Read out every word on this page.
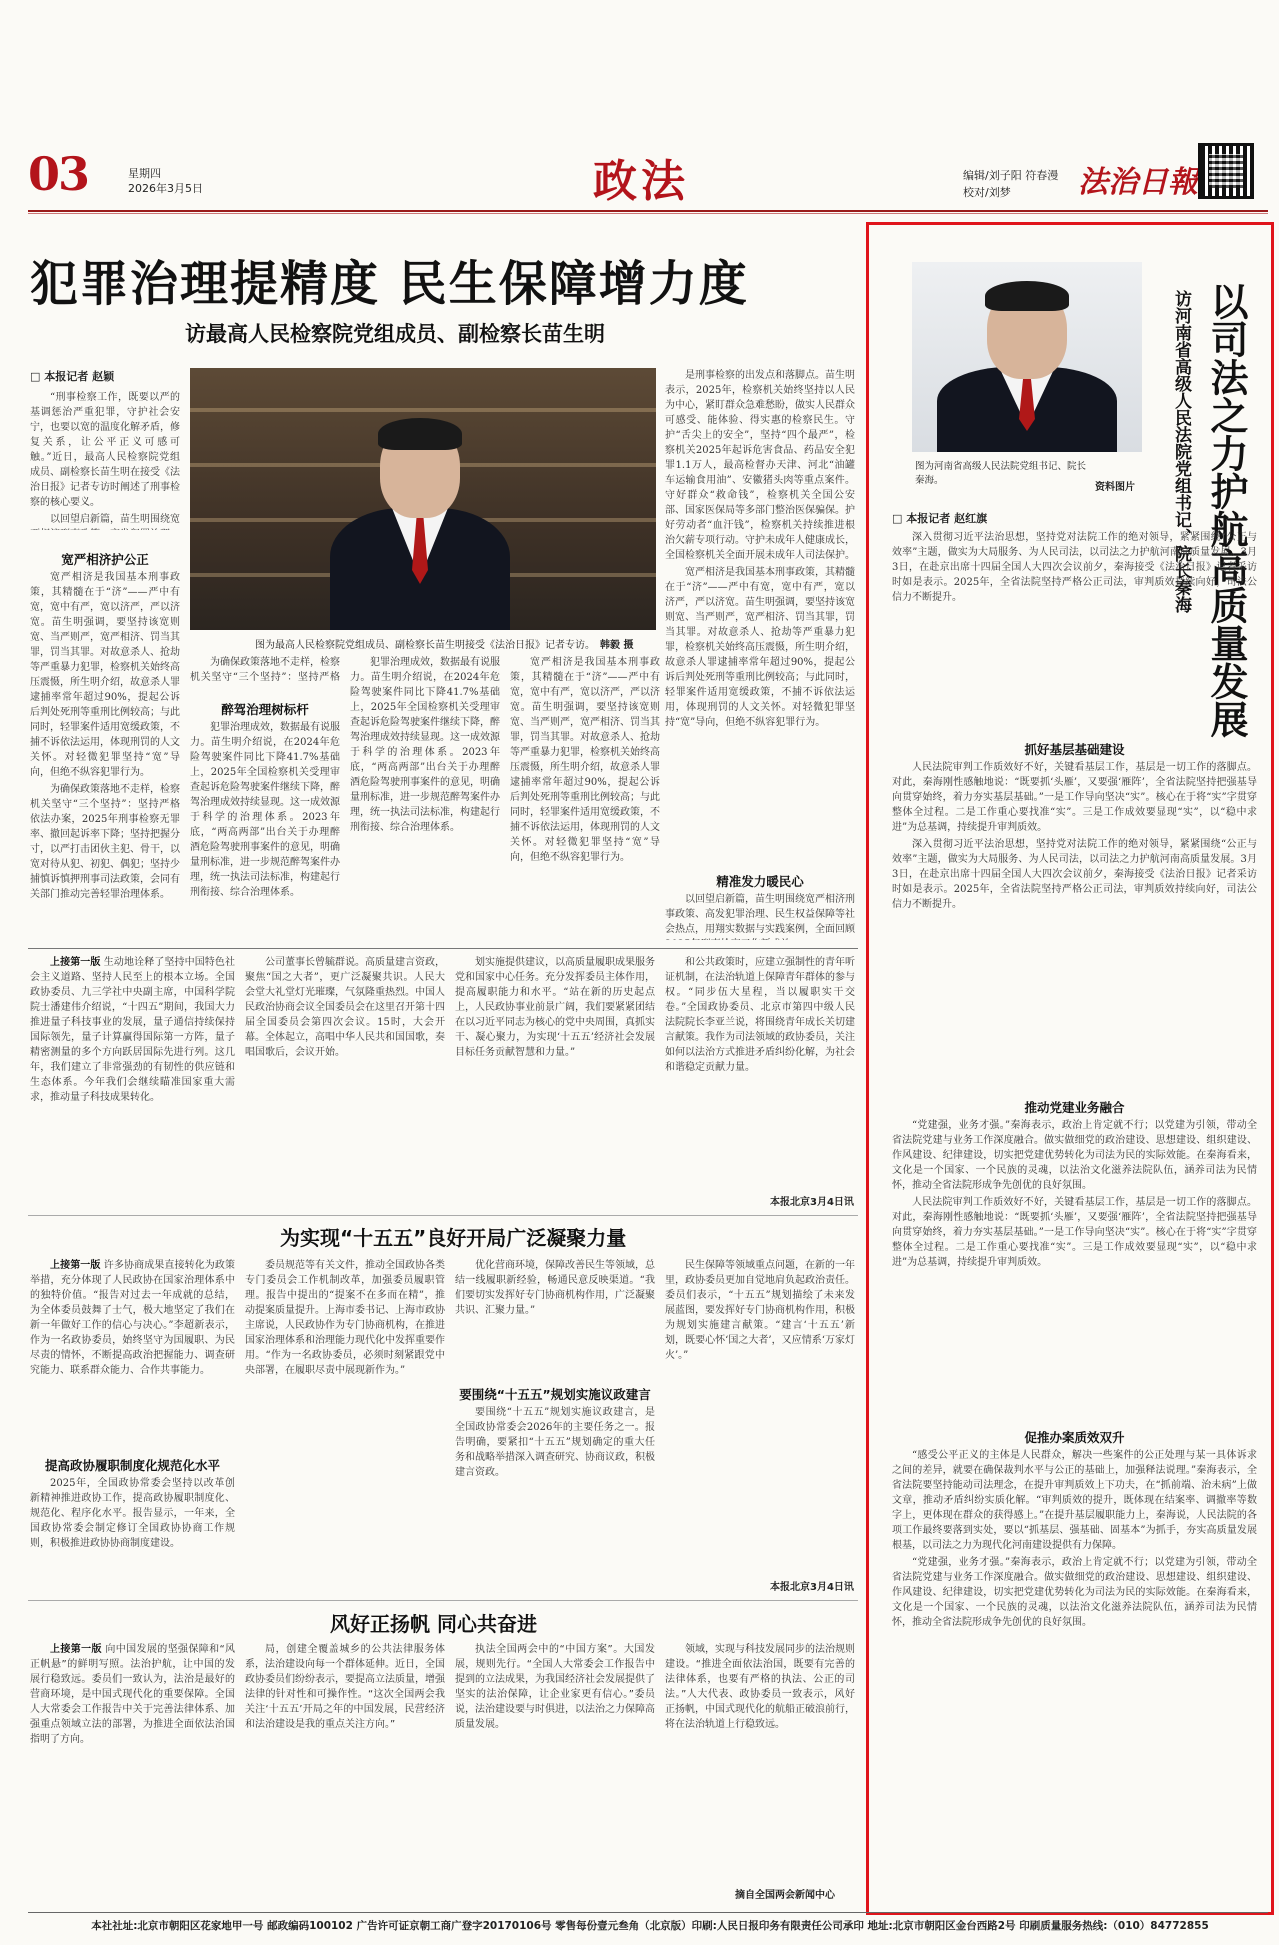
03	星期四
2026年3月5日	政法	编辑/刘子阳 符春漫
校对/刘梦	法治日報
犯罪治理提精度 民生保障增力度
访最高人民检察院党组成员、副检察长苗生明
□ 本报记者 赵颖

“刑事检察工作，既要以严的基调惩治严重犯罪，守护社会安宁，也要以宽的温度化解矛盾，修复关系，让公平正义可感可触。”近日，最高人民检察院党组成员、副检察长苗生明在接受《法治日报》记者专访时阐述了刑事检察的核心要义。

以回望启新篇，苗生明围绕宽

宽严相济护公正

宽严相济是我国基本刑事政策，其精髓在于“济”——严中有宽，宽中有严，宽以济严，严以济宽。苗生明强调，要坚持该宽则宽、当严则严，宽严相济、罚当其罪，罚当其罪。对故意杀人、抢劫等严重暴力犯罪，检察机关始终高压震慑，所生明介绍，故意杀人罪逮捕率常年超过90%，提起公诉后判处死刑等重刑比例较高；与此同时，轻罪案件适用宽缓政策，不捕不诉依法运用，体现刑罚的人文关怀。对轻微犯罪坚持“宽”导向，但绝不纵容犯罪行为。

为确保政策落地不走样，检察机关坚守“三个坚持”：坚持严格依法办案，2025年刑事检察无罪率、撤回起诉率下降；坚持把握分寸，以严打击团伙主犯、骨干，以宽对待从犯、初犯、偶犯；坚持少捕慎诉慎押刑事司法政策，会同有关部门推动完善轻罪治理体系。

图为最高人民检察院党组成员、副检察长苗生明接受《法治日报》记者专访。 韩毅 摄

为确保政策落地不走样，检察机关坚守“三个坚持”：坚持严格

醉驾治理树标杆

犯罪治理成效，数据最有说服力。苗生明介绍说，在2024年危险驾驶案件同比下降41.7%基础上，2025年全国检察机关受理审查起诉危险驾驶案件继续下降，醉驾治理成效持续显现。这一成效源于科学的治理体系。2023年底，“两高两部”出台关于办理醉酒危险驾驶刑事案件的意见，明确量刑标准，进一步规范醉驾案件办理，统一执法司法标准，构建起行刑衔接、综合治理体系。

犯罪治理成效，数据最有说服力。苗生明介绍说，在2024年危险驾驶案件同比下降41.7%基础上，2025年全国检察机关受理审查起诉危险驾驶案件继续下降，醉驾治理成效持续显现。这一成效源于科学的治理体系。2023年底，“两高两部”出台关于办理醉酒危险驾驶刑事案件的意见，明确量刑标准，进一步规范醉驾案件办理，统一执法司法标准，构建起行刑衔接、综合治理体系。

宽严相济是我国基本刑事政策，其精髓在于“济”——严中有宽，宽中有严，宽以济严，严以济宽。苗生明强调，要坚持该宽则宽、当严则严，宽严相济、罚当其罪，罚当其罪。对故意杀人、抢劫等严重暴力犯罪，检察机关始终高压震慑，所生明介绍，故意杀人罪逮捕率常年超过90%，提起公诉后判处死刑等重刑比例较高；与此同时，轻罪案件适用宽缓政策，不捕不诉依法运用，体现刑罚的人文关怀。对轻微犯罪坚持“宽”导向，但绝不纵容犯罪行为。

是刑事检察的出发点和落脚点。苗生明表示，2025年，检察机关始终坚持以人民为中心，紧盯群众急难愁盼，做实人民群众可感受、能体验、得实惠的检察民生。守护“舌尖上的安全”，坚持“四个最严”，检察机关2025年起诉危害食品、药品安全犯罪1.1万人，最高检督办天津、河北“油罐车运输食用油”、安徽猪头肉等重点案件。守好群众“救命钱”，检察机关全国公安部、国家医保局等多部门整治医保骗保。护好劳动者“血汗钱”，检察机关持续推进根治欠薪专项行动。守护未成年人健康成长，全国检察机关全面开展未成年人司法保护。

宽严相济是我国基本刑事政策，其精髓在于“济”——严中有宽，宽中有严，宽以济严，严以济宽。苗生明强调，要坚持该宽则宽、当严则严，宽严相济、罚当其罪，罚当其罪。对故意杀人、抢劫等严重暴力犯罪，检察机关始终高压震慑，所生明介绍，故意杀人罪逮捕率常年超过90%，提起公诉后判处死刑等重刑比例较高；与此同时，轻罪案件适用宽缓政策，不捕不诉依法运用，体现刑罚的人文关怀。对轻微犯罪坚持“宽”导向，但绝不纵容犯罪行为。

精准发力暖民心

以回望启新篇，苗生明围绕宽严相济刑事政策、高发犯罪治理、民生权益保障等社会热点，用翔实数据与实践案例，全面回顾

上接第一版 生动地诠释了坚持中国特色社会主义道路、坚持人民至上的根本立场。全国政协委员、九三学社中央副主席，中国科学院院士潘建伟介绍说，“十四五”期间，我国大力推进量子科技事业的发展，量子通信持续保持国际领先，量子计算赢得国际第一方阵，量子精密测量的多个方向跃居国际先进行列。这几年，我们建立了非常强劲的有韧性的供应链和生态体系。今年我们会继续瞄准国家重大需求，推动量子科技成果转化。

公司董事长曾毓群说。高质量建言资政，聚焦“国之大者”，更广泛凝聚共识。人民大会堂大礼堂灯光璀璨，气氛隆重热烈。中国人民政治协商会议全国委员会在这里召开第十四届全国委员会第四次会议。15时，大会开幕。全体起立，高唱中华人民共和国国歌，奏唱国歌后，会议开始。

划实施提供建议，以高质量履职成果服务党和国家中心任务。充分发挥委员主体作用，提高履职能力和水平。“站在新的历史起点上，人民政协事业前景广阔，我们要紧紧团结在以习近平同志为核心的党中央周围，真抓实干、凝心聚力，为实现‘十五五’经济社会发展目标任务贡献智慧和力量。”

和公共政策时，应建立强制性的青年听证机制，在法治轨道上保障青年群体的参与权。“同步伍大星程，当以履职实干交卷。”全国政协委员、北京市第四中级人民法院院长李亚兰说，将围绕青年成长关切建言献策。我作为司法领域的政协委员，关注如何以法治方式推进矛盾纠纷化解，为社会和谐稳定贡献力量。

本报北京3月4日讯
为实现“十五五”良好开局广泛凝聚力量

上接第一版 许多协商成果直接转化为政策举措，充分体现了人民政协在国家治理体系中的独特价值。“报告对过去一年成就的总结，为全体委员鼓舞了士气，极大地坚定了我们在新一年做好工作的信心与决心。”李超新表示，作为一名政协委员，始终坚守为国履职、为民尽责的情怀，不断提高政治把握能力、调查研究能力、联系群众能力、合作共事能力。

提高政协履职制度化规范化水平

2025年，全国政协常委会坚持以改革创新精神推进政协工作，提高政协履职制度化、规范化、程序化水平。报告显示，一年来，全国政协常委会制定修订全国政协协商工作规则，积极推进政协协商制度建设。

委员规范等有关文件，推动全国政协各类专门委员会工作机制改革，加强委员履职管理。报告中提出的“提案不在多而在精”，推动提案质量提升。上海市委书记、上海市政协主席说，人民政协作为专门协商机构，在推进国家治理体系和治理能力现代化中发挥重要作用。“作为一名政协委员，必须时刻紧跟党中央部署，在履职尽责中展现新作为。”

优化营商环境，保障改善民生等领域，总结一线履职新经验，畅通民意反映渠道。“我们要切实发挥好专门协商机构作用，广泛凝聚共识、汇聚力量。”

要围绕“十五五”规划实施议政建言

要围绕“十五五”规划实施议政建言，是全国政协常委会2026年的主要任务之一。报告明确，要紧扣“十五五”规划确定的重大任务和战略举措深入调查研究、协商议政，积极建言资政。

民生保障等领域重点问题，在新的一年里，政协委员更加自觉地肩负起政治责任。委员们表示，“十五五”规划描绘了未来发展蓝图，要发挥好专门协商机构作用，积极为规划实施建言献策。“建言‘十五五’新划，既要心怀‘国之大者’，又应情系‘万家灯火’。”

本报北京3月4日讯
风好正扬帆 同心共奋进

上接第一版 向中国发展的坚强保障和“风正帆悬”的鲜明写照。法治护航，让中国的发展行稳致远。委员们一致认为，法治是最好的营商环境，是中国式现代化的重要保障。全国人大常委会工作报告中关于完善法律体系、加强重点领域立法的部署，为推进全面依法治国指明了方向。

局，创建全覆盖城乡的公共法律服务体系，法治建设向每一个群体延伸。近日，全国政协委员们纷纷表示，要提高立法质量，增强法律的针对性和可操作性。“这次全国两会我关注‘十五五’开局之年的中国发展，民营经济和法治建设是我的重点关注方向。”

执法全国两会中的“中国方案”。大国发展，规则先行。“全国人大常委会工作报告中提到的立法成果，为我国经济社会发展提供了坚实的法治保障，让企业家更有信心。”委员说，法治建设要与时俱进，以法治之力保障高质量发展。

领域，实现与科技发展同步的法治规则建设。“推进全面依法治国，既要有完善的法律体系，也要有严格的执法、公正的司法。”人大代表、政协委员一致表示，风好正扬帆，中国式现代化的航船正破浪前行，将在法治轨道上行稳致远。

摘自全国两会新闻中心
以司法之力护航高质量发展
访河南省高级人民法院党组书记、院长秦海
图为河南省高级人民法院党组书记、院长秦海。
资料图片
□ 本报记者 赵红旗

深入贯彻习近平法治思想，坚持党对法院工作的绝对领导，紧紧围绕“公正与效率”主题，做实为大局服务、为人民司法，以司法之力护航河南高质量发展。3月3日，在赴京出席十四届全国人大四次会议前夕，秦海接受《法治日报》记者采访时如是表示。2025年，全省法院坚持严格公正司法，审判质效持续向好，司法公信力不断提升。

抓好基层基础建设

人民法院审判工作质效好不好，关键看基层工作，基层是一切工作的落脚点。对此，秦海刚性感触地说：“既要抓‘头雁’，又要强‘雁阵’，全省法院坚持把强基导向贯穿始终，着力夯实基层基础。”一是工作导向坚决“实”。核心在于将“实”字贯穿整体全过程。二是工作重心要找准“实”。三是工作成效要显现“实”，以“稳中求进”为总基调，持续提升审判质效。

深入贯彻习近平法治思想，坚持党对法院工作的绝对领导，紧紧围绕“公正与效率”主题，做实为大局服务、为人民司法，以司法之力护航河南高质量发展。3月3日，在赴京出席十四届全国人大四次会议前夕，秦海接受《法治日报》记者采访时如是表示。2025年，全省法院坚持严格公正司法，审判质效持续向好，司法公信力不断提升。

推动党建业务融合

“党建强，业务才强。”秦海表示，政治上肯定就不行；以党建为引领，带动全省法院党建与业务工作深度融合。做实做细党的政治建设、思想建设、组织建设、作风建设、纪律建设，切实把党建优势转化为司法为民的实际效能。在秦海看来，文化是一个国家、一个民族的灵魂，以法治文化滋养法院队伍，涵养司法为民情怀，推动全省法院形成争先创优的良好氛围。

人民法院审判工作质效好不好，关键看基层工作，基层是一切工作的落脚点。对此，秦海刚性感触地说：“既要抓‘头雁’，又要强‘雁阵’，全省法院坚持把强基导向贯穿始终，着力夯实基层基础。”一是工作导向坚决“实”。核心在于将“实”字贯穿整体全过程。二是工作重心要找准“实”。三是工作成效要显现“实”，以“稳中求进”为总基调，持续提升审判质效。

促推办案质效双升

“感受公平正义的主体是人民群众，解决一些案件的公正处理与某一具体诉求之间的差异，就要在确保裁判水平与公正的基础上，加强释法说理。”秦海表示，全省法院要坚持能动司法理念，在提升审判质效上下功夫，在“抓前端、治未病”上做文章，推动矛盾纠纷实质化解。“审判质效的提升，既体现在结案率、调撤率等数字上，更体现在群众的获得感上。”在提升基层履职能力上，秦海说，人民法院的各项工作最终要落到实处，要以“抓基层、强基础、固基本”为抓手，夯实高质量发展根基，以司法之力为现代化河南建设提供有力保障。

“党建强，业务才强。”秦海表示，政治上肯定就不行；以党建为引领，带动全省法院党建与业务工作深度融合。做实做细党的政治建设、思想建设、组织建设、作风建设、纪律建设，切实把党建优势转化为司法为民的实际效能。在秦海看来，文化是一个国家、一个民族的灵魂，以法治文化滋养法院队伍，涵养司法为民情怀，推动全省法院形成争先创优的良好氛围。

本社社址:北京市朝阳区花家地甲一号 邮政编码100102 广告许可证京朝工商广登字20170106号 零售每份壹元叁角（北京版）印刷:人民日报印务有限责任公司承印 地址:北京市朝阳区金台西路2号 印刷质量服务热线:（010）84772855
